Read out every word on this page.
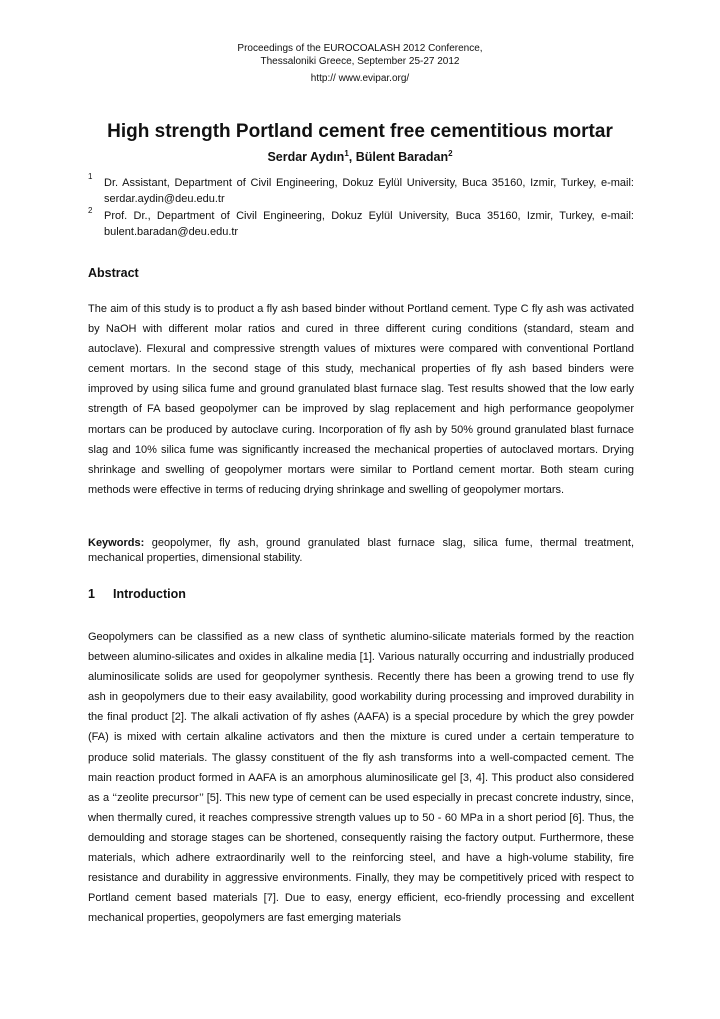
Proceedings of the EUROCOALASH 2012 Conference,
Thessaloniki Greece, September 25-27 2012
http:// www.evipar.org/
High strength Portland cement free cementitious mortar
Serdar Aydın$^1$, Bülent Baradan$^2$
1
Dr. Assistant, Department of Civil Engineering, Dokuz Eylül University, Buca 35160, Izmir, Turkey, e-mail: serdar.aydin@deu.edu.tr
2 Prof. Dr., Department of Civil Engineering, Dokuz Eylül University, Buca 35160, Izmir, Turkey, e-mail: bulent.baradan@deu.edu.tr
Abstract

The aim of this study is to product a fly ash based binder without Portland cement. Type C fly ash was activated by NaOH with different molar ratios and cured in three different curing conditions (standard, steam and autoclave). Flexural and compressive strength values of mixtures were compared with conventional Portland cement mortars. In the second stage of this study, mechanical properties of fly ash based binders were improved by using silica fume and ground granulated blast furnace slag. Test results showed that the low early strength of FA based geopolymer can be improved by slag replacement and high performance geopolymer mortars can be produced by autoclave curing. Incorporation of fly ash by 50% ground granulated blast furnace slag and 10% silica fume was significantly increased the mechanical properties of autoclaved mortars. Drying shrinkage and swelling of geopolymer mortars were similar to Portland cement mortar. Both steam curing methods were effective in terms of reducing drying shrinkage and swelling of geopolymer mortars.

Keywords: geopolymer, fly ash, ground granulated blast furnace slag, silica fume, thermal treatment, mechanical properties, dimensional stability.
1 Introduction

Geopolymers can be classified as a new class of synthetic alumino-silicate materials formed by the reaction between alumino-silicates and oxides in alkaline media [1]. Various naturally occurring and industrially produced aluminosilicate solids are used for geopolymer synthesis. Recently there has been a growing trend to use fly ash in geopolymers due to their easy availability, good workability during processing and improved durability in the final product [2]. The alkali activation of fly ashes (AAFA) is a special procedure by which the grey powder (FA) is mixed with certain alkaline activators and then the mixture is cured under a certain temperature to produce solid materials. The glassy constituent of the fly ash transforms into a well-compacted cement. The main reaction product formed in AAFA is an amorphous aluminosilicate gel [3, 4]. This product also considered as a ‘‘zeolite precursor’’ [5]. This new type of cement can be used especially in precast concrete industry, since, when thermally cured, it reaches compressive strength values up to 50 - 60 MPa in a short period [6]. Thus, the demoulding and storage stages can be shortened, consequently raising the factory output. Furthermore, these materials, which adhere extraordinarily well to the reinforcing steel, and have a high-volume stability, fire resistance and durability in aggressive environments. Finally, they may be competitively priced with respect to Portland cement based materials [7]. Due to easy, energy efficient, eco-friendly processing and excellent mechanical properties, geopolymers are fast emerging materials
